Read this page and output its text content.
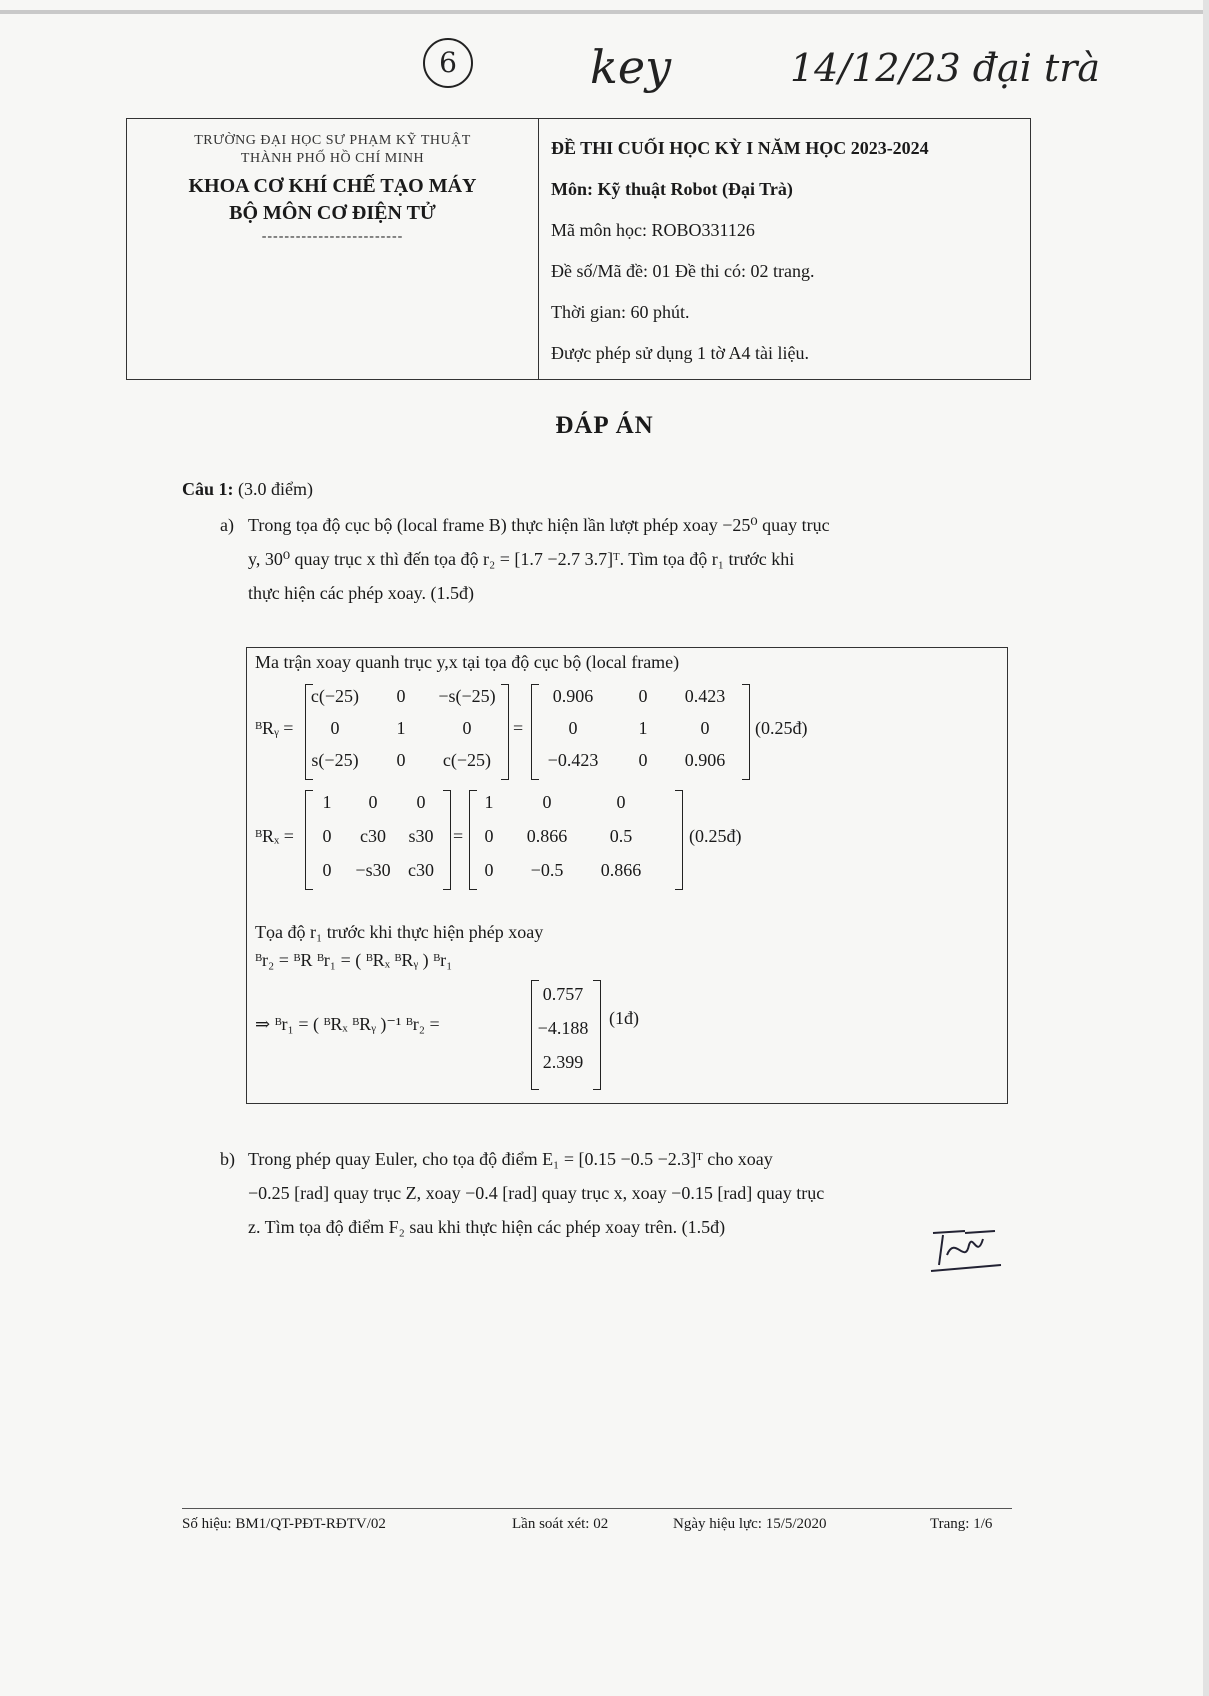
6	key	14/12/23 đại trà
TRƯỜNG ĐẠI HỌC SƯ PHẠM KỸ THUẬT
THÀNH PHỐ HỒ CHÍ MINH
KHOA CƠ KHÍ CHẾ TẠO MÁY
BỘ MÔN CƠ ĐIỆN TỬ
-------------------------
ĐỀ THI CUỐI HỌC KỲ I NĂM HỌC 2023-2024
Môn: Kỹ thuật Robot (Đại Trà)
Mã môn học: ROBO331126
Đề số/Mã đề: 01 Đề thi có: 02 trang.
Thời gian: 60 phút.
Được phép sử dụng 1 tờ A4 tài liệu.
ĐÁP ÁN
Câu 1: (3.0 điểm)
a) Trong tọa độ cục bộ (local frame B) thực hiện lần lượt phép xoay −25⁰ quay trục
y, 30⁰ quay trục x thì đến tọa độ r₂ = [1.7 −2.7 3.7]ᵀ. Tìm tọa độ r₁ trước khi
thực hiện các phép xoay. (1.5đ)
Ma trận xoay quanh trục y,x tại tọa độ cục bộ (local frame)
ᴮRᵧ =
c(−25)	0	−s(−25)
0	1	0
s(−25)	0	c(−25)
=
0.906	0	0.423
0	1	0
−0.423	0	0.906
(0.25đ)
ᴮRₓ =
1	0	0
0	c30	s30
0	−s30 c30
=
1	0	0
0	0.866	0.5
0	−0.5	0.866
(0.25đ)
Tọa độ r₁ trước khi thực hiện phép xoay
ᴮr₂ = ᴮR ᴮr₁ = ( ᴮRₓ ᴮRᵧ ) ᴮr₁
⇒ ᴮr₁ = ( ᴮRₓ ᴮRᵧ )⁻¹ ᴮr₂ =
0.757
−4.188
2.399
(1đ)
b) Trong phép quay Euler, cho tọa độ điểm E₁ = [0.15 −0.5 −2.3]ᵀ cho xoay
−0.25 [rad] quay trục Z, xoay −0.4 [rad] quay trục x, xoay −0.15 [rad] quay trục
z. Tìm tọa độ điểm F₂ sau khi thực hiện các phép xoay trên. (1.5đ)
Số hiệu: BM1/QT-PĐT-RĐTV/02	Lần soát xét: 02	Ngày hiệu lực: 15/5/2020	Trang: 1/6
